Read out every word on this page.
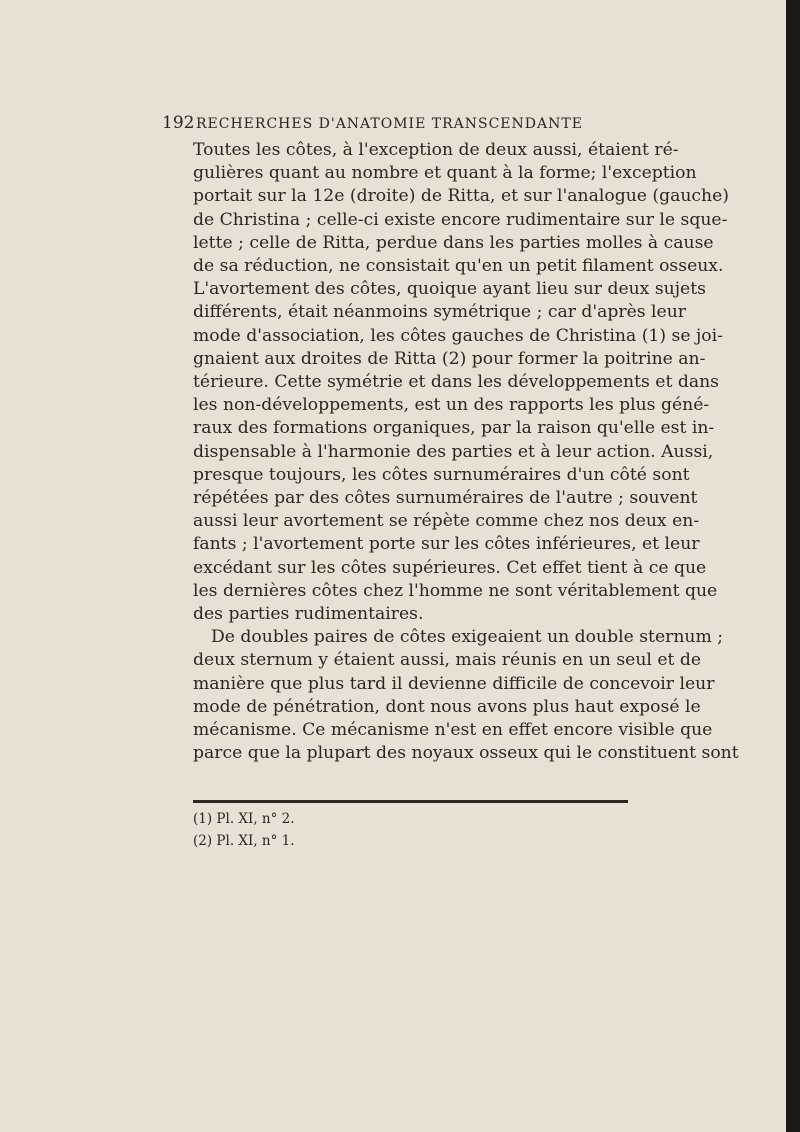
192 RECHERCHES D'ANATOMIE TRANSCENDANTE
Toutes les côtes, à l'exception de deux aussi, étaient ré-
gulières quant au nombre et quant à la forme; l'exception
portait sur la 12e (droite) de Ritta, et sur l'analogue (gauche)
de Christina ; celle-ci existe encore rudimentaire sur le sque-
lette ; celle de Ritta, perdue dans les parties molles à cause
de sa réduction, ne consistait qu'en un petit filament osseux.
L'avortement des côtes, quoique ayant lieu sur deux sujets
différents, était néanmoins symétrique ; car d'après leur
mode d'association, les côtes gauches de Christina (1) se joi-
gnaient aux droites de Ritta (2) pour former la poitrine an-
térieure. Cette symétrie et dans les développements et dans
les non-développements, est un des rapports les plus géné-
raux des formations organiques, par la raison qu'elle est in-
dispensable à l'harmonie des parties et à leur action. Aussi,
presque toujours, les côtes surnuméraires d'un côté sont
répétées par des côtes surnuméraires de l'autre ; souvent
aussi leur avortement se répète comme chez nos deux en-
fants ; l'avortement porte sur les côtes inférieures, et leur
excédant sur les côtes supérieures. Cet effet tient à ce que
les dernières côtes chez l'homme ne sont véritablement que
des parties rudimentaires.
De doubles paires de côtes exigeaient un double sternum ;
deux sternum y étaient aussi, mais réunis en un seul et de
manière que plus tard il devienne difficile de concevoir leur
mode de pénétration, dont nous avons plus haut exposé le
mécanisme. Ce mécanisme n'est en effet encore visible que
parce que la plupart des noyaux osseux qui le constituent sont
(1) Pl. XI, n° 2.
(2) Pl. XI, n° 1.
